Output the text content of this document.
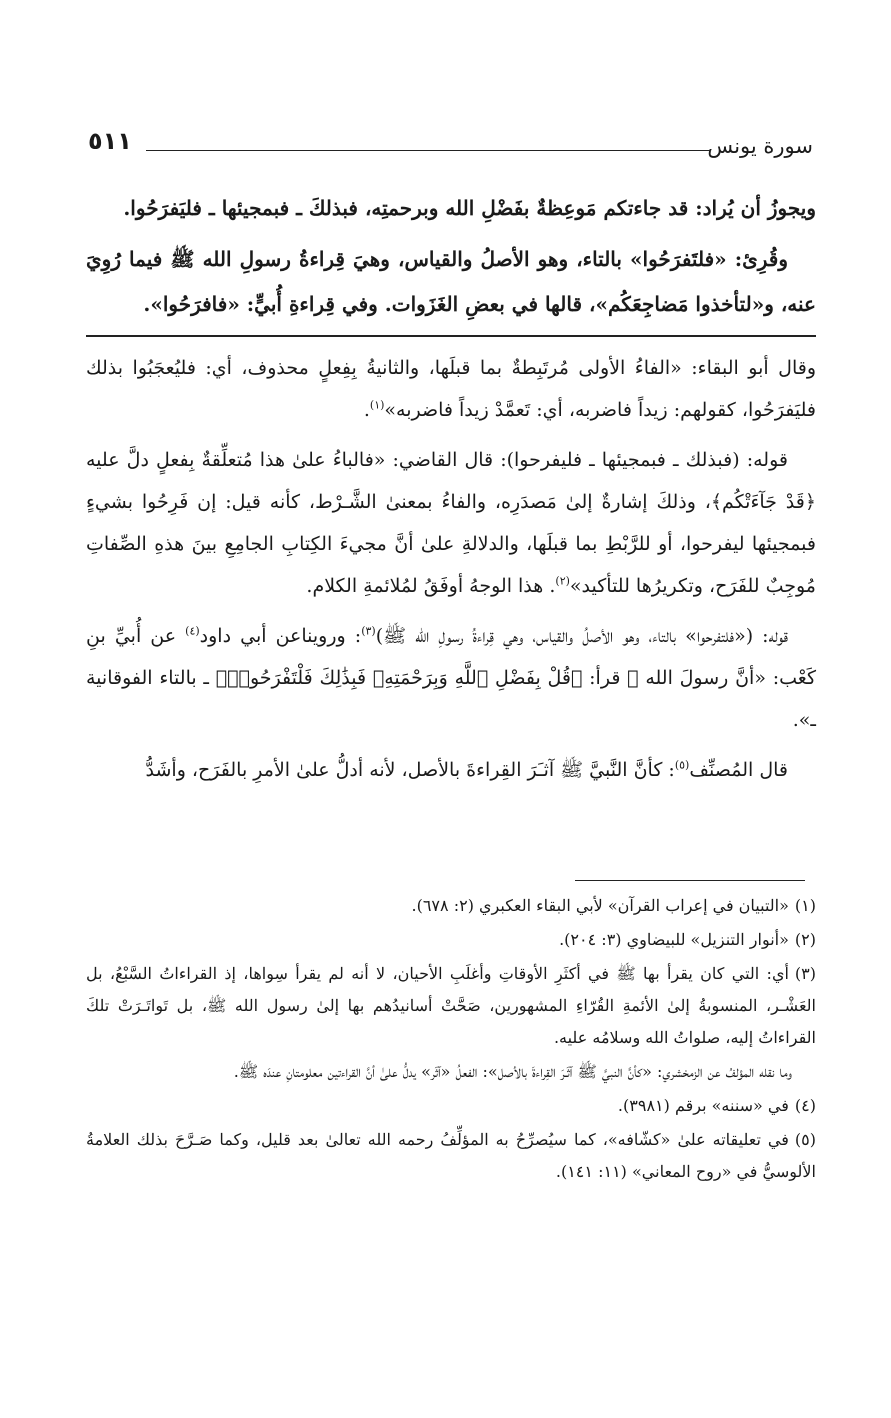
سورة يونس
٥١١

ويجوزُ أن يُراد: قد جاءتكم مَوعِظةٌ بفَضْلِ الله وبرحمتِه، فبذلكَ ـ فبمجيئها ـ فليَفرَحُوا.

وقُرِئ: «فلتَفرَحُوا» بالتاء، وهو الأصلُ والقياس، وهيَ قِراءةُ رسولِ الله ﷺ فيما رُوِيَ عنه، و«لتأخذوا مَضاجِعَكُم»، قالها في بعضِ الغَزَوات. وفي قِراءةِ أُبيٍّ: «فافرَحُوا».

وقال أبو البقاء: «الفاءُ الأولى مُرتَبِطةٌ بما قبلَها، والثانيةُ بِفِعلٍ محذوف، أي: فليُعجَبُوا بذلك فليَفرَحُوا، كقولهم: زيداً فاضربه، أي: تَعمَّدْ زيداً فاضربه»$^{(١)}$.

قوله: (فبذلك ـ فبمجيئها ـ فليفرحوا): قال القاضي: «فالباءُ علىٰ هذا مُتعلِّقةٌ بِفعلٍ دلَّ عليه ﴿قَدْ جَآءَتْكُم﴾، وذلكَ إشارةٌ إلىٰ مَصدَرِه، والفاءُ بمعنىٰ الشَّـرْط، كأنه قيل: إن فَرِحُوا بشيءٍ فبمجيئها ليفرحوا، أو للرَّبْطِ بما قبلَها، والدلالةِ علىٰ أنَّ مجيءَ الكِتابِ الجامِعِ بينَ هذهِ الصِّفاتِ مُوجِبٌ للفَرَح، وتكريرُها للتأكيد»$^{(٢)}$. هذا الوجهُ أوفَقُ لمُلائمةِ الكلام.

قوله: («فلتفرحوا» بالتاء، وهو الأصلُ والقياس، وهي قِراءةُ رسولِ الله ﷺ)$^{(٣)}$: ورويناعن أبي داود$^{(٤)}$ عن أُبيِّ بنِ كَعْب: «أنَّ رسولَ الله ﷺ قرأ: ﴿قُلْ بِفَضْلِ ٱللَّهِ وَبِرَحْمَتِهِۦ فَبِذَٰلِكَ فَلْتَفْرَحُوا۟﴾ ـ بالتاء الفوقانية ـ».

قال المُصنِّف$^{(٥)}$: كأنَّ النَّبيَّ ﷺ آثـَرَ القِراءةَ بالأصل، لأنه أدلُّ علىٰ الأمرِ بالفَرَح، وأشَدُّ

(١)«التبيان في إعراب القرآن» لأبي البقاء العكبري (٢: ٦٧٨).

(٢)«أنوار التنزيل» للبيضاوي (٣: ٢٠٤).

(٣)أي: التي كان يقرأ بها ﷺ في أكثَرِ الأوقاتِ وأغلَبِ الأحيان، لا أنه لم يقرأ سِواها، إذ القراءاتُ السَّبْعُ، بل العَشْـر، المنسوبةُ إلىٰ الأئمةِ القُرّاءِ المشهورين، صَحَّتْ أسانيدُهم بها إلىٰ رسول الله ﷺ، بل تَواتَـرَتْ تلكَ القراءاتُ إليه، صلواتُ الله وسلامُه عليه.

وما نقله المؤلفُ عن الزمخشري: «كأنَّ النبيَّ ﷺ آثَـرَ القِراءةَ بالأصل»: الفعلُ «آثَر» يدلُّ علىٰ أنَّ القراءتين معلومتانِ عندَه ﷺ.

(٤)في «سننه» برقم (٣٩٨١).

(٥)في تعليقاته علىٰ «كشّافه»، كما سيُصرِّحُ به المؤلِّفُ رحمه الله تعالىٰ بعد قليل، وكما صَـرَّحَ بذلك العلامةُ الألوسيُّ في «روح المعاني» (١١: ١٤١).
